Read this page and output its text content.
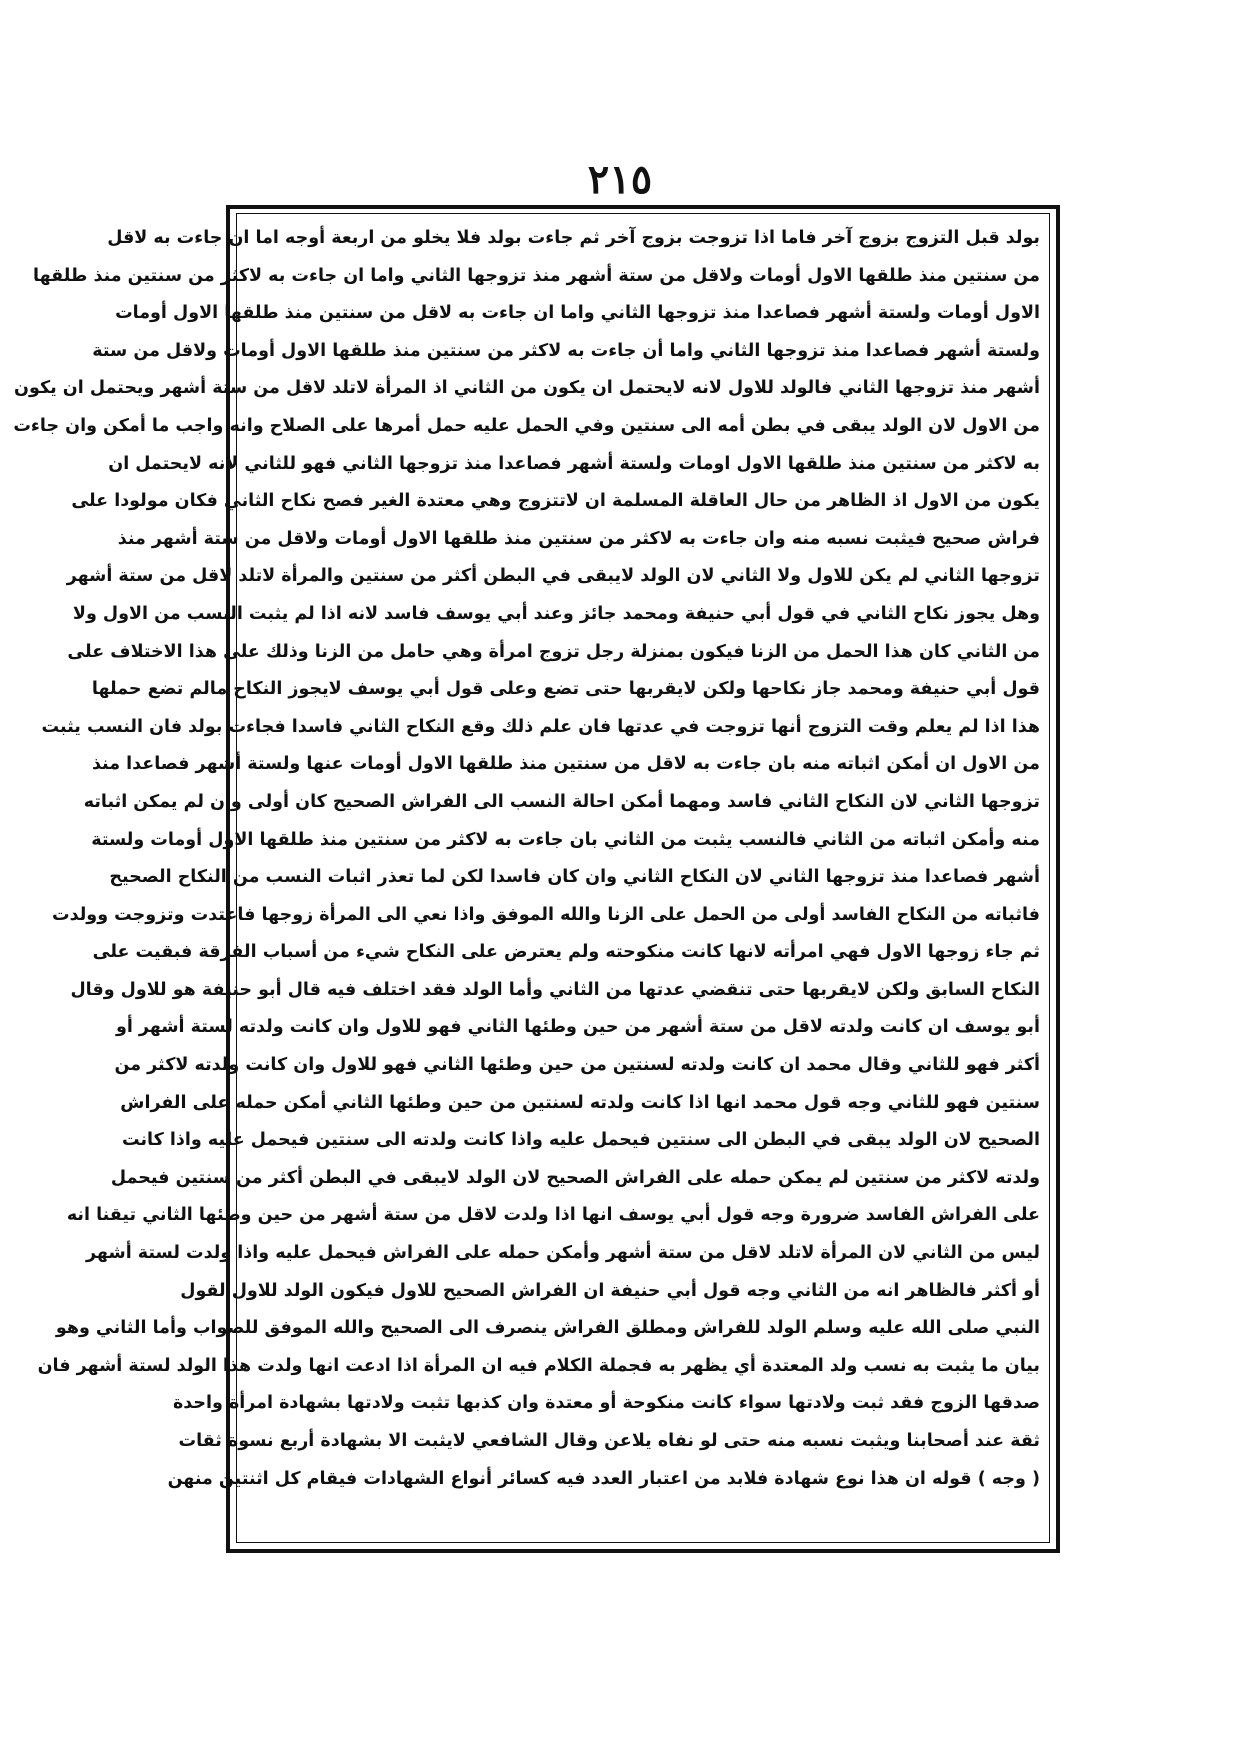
٢١٥
بولد قبل التزوج بزوج آخر فاما اذا تزوجت بزوج آخر ثم جاءت بولد فلا يخلو من اربعة أوجه اما ان جاءت به لاقل
من سنتين منذ طلقها الاول أومات ولاقل من ستة أشهر منذ تزوجها الثاني واما ان جاءت به لاكثر من سنتين منذ طلقها
الاول أومات ولستة أشهر فصاعدا منذ تزوجها الثاني واما ان جاءت به لاقل من سنتين منذ طلقها الاول أومات
ولستة أشهر فصاعدا منذ تزوجها الثاني واما أن جاءت به لاكثر من سنتين منذ طلقها الاول أومات ولاقل من ستة
أشهر منذ تزوجها الثاني فالولد للاول لانه لايحتمل ان يكون من الثاني اذ المرأة لاتلد لاقل من ستة أشهر ويحتمل ان يكون
من الاول لان الولد يبقى في بطن أمه الى سنتين وفي الحمل عليه حمل أمرها على الصلاح وانه واجب ما أمكن وان جاءت
به لاكثر من سنتين منذ طلقها الاول اومات ولستة أشهر فصاعدا منذ تزوجها الثاني فهو للثاني لانه لايحتمل ان
يكون من الاول اذ الظاهر من حال العاقلة المسلمة ان لاتتزوج وهي معتدة الغير فصح نكاح الثاني فكان مولودا على
فراش صحيح فيثبت نسبه منه وان جاءت به لاكثر من سنتين منذ طلقها الاول أومات ولاقل من ستة أشهر منذ
تزوجها الثاني لم يكن للاول ولا الثاني لان الولد لايبقى في البطن أكثر من سنتين والمرأة لاتلد لاقل من ستة أشهر
وهل يجوز نكاح الثاني في قول أبي حنيفة ومحمد جائز وعند أبي يوسف فاسد لانه اذا لم يثبت النسب من الاول ولا
من الثاني كان هذا الحمل من الزنا فيكون بمنزلة رجل تزوج امرأة وهي حامل من الزنا وذلك على هذا الاختلاف على
قول أبي حنيفة ومحمد جاز نكاحها ولكن لايقربها حتى تضع وعلى قول أبي يوسف لايجوز النكاح مالم تضع حملها
هذا اذا لم يعلم وقت التزوج أنها تزوجت في عدتها فان علم ذلك وقع النكاح الثاني فاسدا فجاءت بولد فان النسب يثبت
من الاول ان أمكن اثباته منه بان جاءت به لاقل من سنتين منذ طلقها الاول أومات عنها ولستة أشهر فصاعدا منذ
تزوجها الثاني لان النكاح الثاني فاسد ومهما أمكن احالة النسب الى الفراش الصحيح كان أولى وان لم يمكن اثباته
منه وأمكن اثباته من الثاني فالنسب يثبت من الثاني بان جاءت به لاكثر من سنتين منذ طلقها الاول أومات ولستة
أشهر فصاعدا منذ تزوجها الثاني لان النكاح الثاني وان كان فاسدا لكن لما تعذر اثبات النسب من النكاح الصحيح
فاثباته من النكاح الفاسد أولى من الحمل على الزنا والله الموفق واذا نعي الى المرأة زوجها فاعتدت وتزوجت وولدت
ثم جاء زوجها الاول فهي امرأته لانها كانت منكوحته ولم يعترض على النكاح شيء من أسباب الفرقة فبقيت على
النكاح السابق ولكن لايقربها حتى تنقضي عدتها من الثاني وأما الولد فقد اختلف فيه قال أبو حنيفة هو للاول وقال
أبو يوسف ان كانت ولدته لاقل من ستة أشهر من حين وطئها الثاني فهو للاول وان كانت ولدته لستة أشهر أو
أكثر فهو للثاني وقال محمد ان كانت ولدته لسنتين من حين وطئها الثاني فهو للاول وان كانت ولدته لاكثر من
سنتين فهو للثاني وجه قول محمد انها اذا كانت ولدته لسنتين من حين وطئها الثاني أمكن حمله على الفراش
الصحيح لان الولد يبقى في البطن الى سنتين فيحمل عليه واذا كانت ولدته الى سنتين فيحمل عليه واذا كانت
ولدته لاكثر من سنتين لم يمكن حمله على الفراش الصحيح لان الولد لايبقى في البطن أكثر من سنتين فيحمل
على الفراش الفاسد ضرورة وجه قول أبي يوسف انها اذا ولدت لاقل من ستة أشهر من حين وطئها الثاني تيقنا انه
ليس من الثاني لان المرأة لاتلد لاقل من ستة أشهر وأمكن حمله على الفراش فيحمل عليه واذا ولدت لستة أشهر
أو أكثر فالظاهر انه من الثاني وجه قول أبي حنيفة ان الفراش الصحيح للاول فيكون الولد للاول لقول
النبي صلى الله عليه وسلم الولد للفراش ومطلق الفراش ينصرف الى الصحيح والله الموفق للصواب وأما الثاني وهو
بيان ما يثبت به نسب ولد المعتدة أي يظهر به فجملة الكلام فيه ان المرأة اذا ادعت انها ولدت هذا الولد لستة أشهر فان
صدقها الزوج فقد ثبت ولادتها سواء كانت منكوحة أو معتدة وان كذبها تثبت ولادتها بشهادة امرأة واحدة
ثقة عند أصحابنا ويثبت نسبه منه حتى لو نفاه يلاعن وقال الشافعي لايثبت الا بشهادة أربع نسوة ثقات
( وجه ) قوله ان هذا نوع شهادة فلابد من اعتبار العدد فيه كسائر أنواع الشهادات فيقام كل اثنتين منهن
